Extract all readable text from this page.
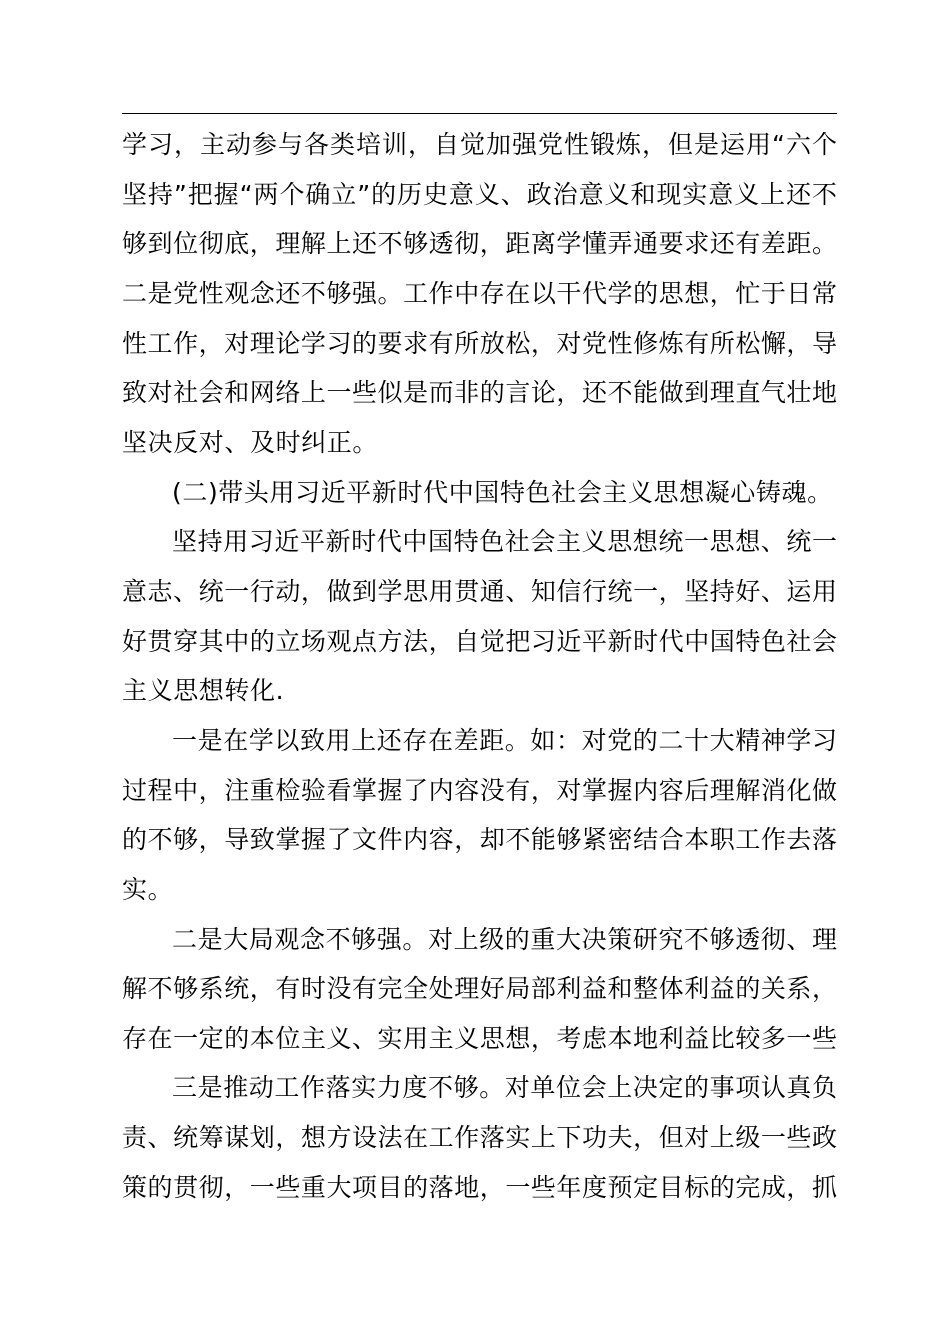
学习，主动参与各类培训，自觉加强党性锻炼，但是运用“六个
坚持”把握“两个确立”的历史意义、政治意义和现实意义上还不
够到位彻底，理解上还不够透彻，距离学懂弄通要求还有差距。
二是党性观念还不够强。工作中存在以干代学的思想，忙于日常
性工作，对理论学习的要求有所放松，对党性修炼有所松懈，导
致对社会和网络上一些似是而非的言论，还不能做到理直气壮地
坚决反对、及时纠正。
(二)带头用习近平新时代中国特色社会主义思想凝心铸魂。
坚持用习近平新时代中国特色社会主义思想统一思想、统一
意志、统一行动，做到学思用贯通、知信行统一，坚持好、运用
好贯穿其中的立场观点方法，自觉把习近平新时代中国特色社会
主义思想转化.
一是在学以致用上还存在差距。如：对党的二十大精神学习
过程中，注重检验看掌握了内容没有，对掌握内容后理解消化做
的不够，导致掌握了文件内容，却不能够紧密结合本职工作去落
实。
二是大局观念不够强。对上级的重大决策研究不够透彻、理
解不够系统，有时没有完全处理好局部利益和整体利益的关系，
存在一定的本位主义、实用主义思想，考虑本地利益比较多一些
三是推动工作落实力度不够。对单位会上决定的事项认真负
责、统筹谋划，想方设法在工作落实上下功夫，但对上级一些政
策的贯彻，一些重大项目的落地，一些年度预定目标的完成，抓
